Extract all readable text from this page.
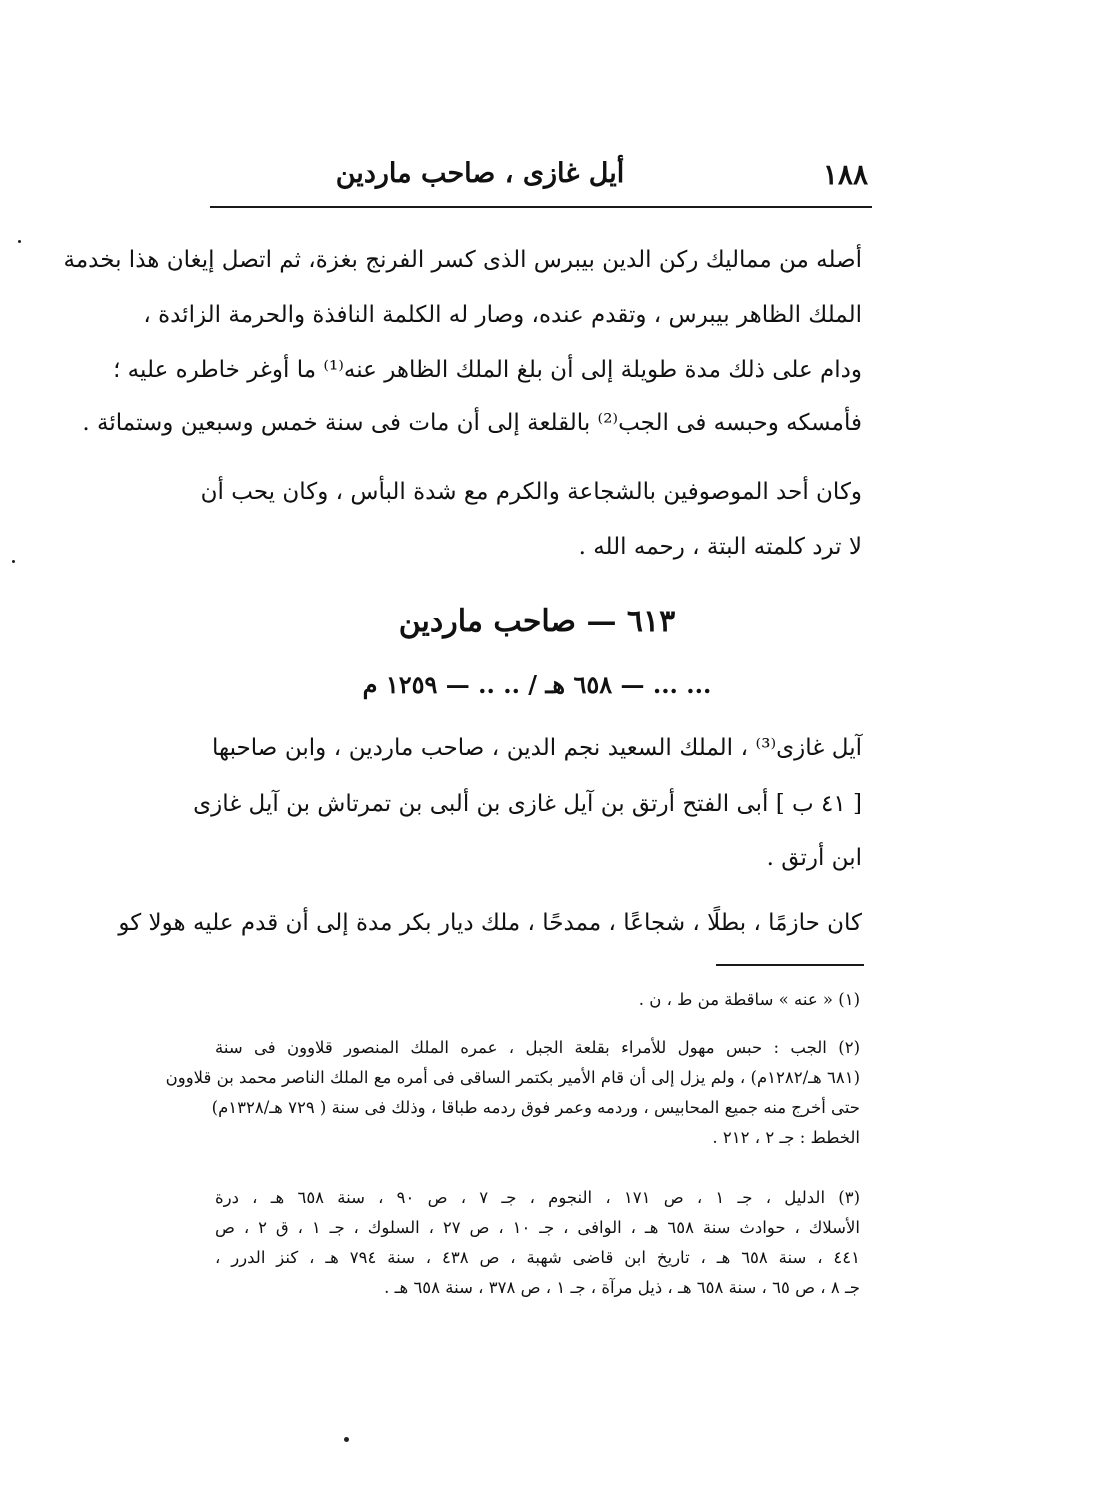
١٨٨
أيل غازى ، صاحب ماردين
أصله من مماليك ركن الدين بيبرس الذى كسر الفرنج بغزة، ثم اتصل إيغان هذا بخدمة
الملك الظاهر بيبرس ، وتقدم عنده، وصار له الكلمة النافذة والحرمة الزائدة ،
ودام على ذلك مدة طويلة إلى أن بلغ الملك الظاهر عنه⁽¹⁾ ما أوغر خاطره عليه ؛
فأمسكه وحبسه فى الجب⁽²⁾ بالقلعة إلى أن مات فى سنة خمس وسبعين وستمائة .
وكان أحد الموصوفين بالشجاعة والكرم مع شدة البأس ، وكان يحب أن
لا ترد كلمته البتة ، رحمه الله .
٦١٣ — صاحب ماردين
... ... — ٦٥٨ هـ / .. .. — ١٢٥٩ م
آيل غازى⁽³⁾ ، الملك السعيد نجم الدين ، صاحب ماردين ، وابن صاحبها
[ ٤١ ب ] أبى الفتح أرتق بن آيل غازى بن ألبى بن تمرتاش بن آيل غازى
ابن أرتق .
كان حازمًا ، بطلًا ، شجاعًا ، ممدحًا ، ملك ديار بكر مدة إلى أن قدم عليه هولا كو
(١) « عنه » ساقطة من ط ، ن .
(٢) الجب : حبس مهول للأمراء بقلعة الجبل ، عمره الملك المنصور قلاوون فى سنة
(٦٨١ هـ/١٢٨٢م) ، ولم يزل إلى أن قام الأمير بكتمر الساقى فى أمره مع الملك الناصر محمد بن قلاوون
حتى أخرج منه جميع المحابيس ، وردمه وعمر فوق ردمه طباقا ، وذلك فى سنة ( ٧٢٩ هـ/١٣٢٨م)
الخطط : جـ ٢ ، ٢١٢ .
(٣) الدليل ، جـ ١ ، ص ١٧١ ، النجوم ، جـ ٧ ، ص ٩٠ ، سنة ٦٥٨ هـ ، درة
الأسلاك ، حوادث سنة ٦٥٨ هـ ، الوافى ، جـ ١٠ ، ص ٢٧ ، السلوك ، جـ ١ ، ق ٢ ، ص
٤٤١ ، سنة ٦٥٨ هـ ، تاريخ ابن قاضى شهبة ، ص ٤٣٨ ، سنة ٧٩٤ هـ ، كنز الدرر ،
جـ ٨ ، ص ٦٥ ، سنة ٦٥٨ هـ ، ذيل مرآة ، جـ ١ ، ص ٣٧٨ ، سنة ٦٥٨ هـ .
